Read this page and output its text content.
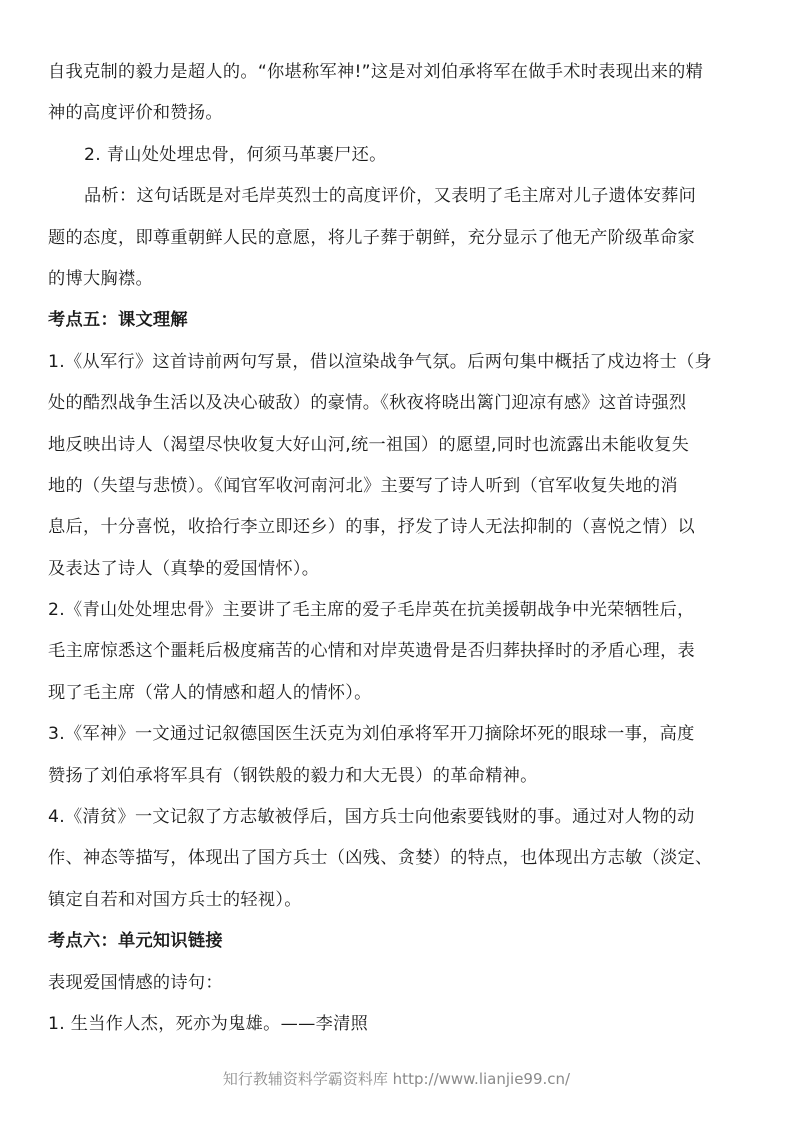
自我克制的毅力是超人的。“你堪称军神!”这是对刘伯承将军在做手术时表现出来的精
神的高度评价和赞扬。
2. 青山处处埋忠骨，何须马革裹尸还。
品析：这句话既是对毛岸英烈士的高度评价，又表明了毛主席对儿子遗体安葬问
题的态度，即尊重朝鲜人民的意愿，将儿子葬于朝鲜，充分显示了他无产阶级革命家
的博大胸襟。
考点五：课文理解
1.《从军行》这首诗前两句写景，借以渲染战争气氛。后两句集中概括了戍边将士（身
处的酷烈战争生活以及决心破敌）的豪情。《秋夜将晓出篱门迎凉有感》这首诗强烈
地反映出诗人（渴望尽快收复大好山河,统一祖国）的愿望,同时也流露出未能收复失
地的（失望与悲愤）。《闻官军收河南河北》主要写了诗人听到（官军收复失地的消
息后，十分喜悦，收拾行李立即还乡）的事，抒发了诗人无法抑制的（喜悦之情）以
及表达了诗人（真挚的爱国情怀）。
2.《青山处处埋忠骨》主要讲了毛主席的爱子毛岸英在抗美援朝战争中光荣牺牲后，
毛主席惊悉这个噩耗后极度痛苦的心情和对岸英遗骨是否归葬抉择时的矛盾心理，表
现了毛主席（常人的情感和超人的情怀）。
3.《军神》一文通过记叙德国医生沃克为刘伯承将军开刀摘除坏死的眼球一事，高度
赞扬了刘伯承将军具有（钢铁般的毅力和大无畏）的革命精神。
4.《清贫》一文记叙了方志敏被俘后，国方兵士向他索要钱财的事。通过对人物的动
作、神态等描写，体现出了国方兵士（凶残、贪婪）的特点，也体现出方志敏（淡定、
镇定自若和对国方兵士的轻视）。
考点六：单元知识链接
表现爱国情感的诗句：
1. 生当作人杰，死亦为鬼雄。——李清照
知行教辅资料学霸资料库 http://www.lianjie99.cn/
